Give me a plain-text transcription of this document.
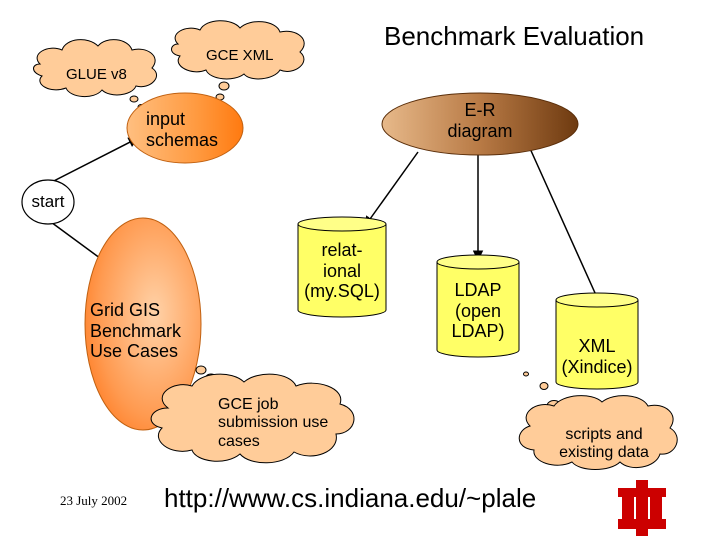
Benchmark Evaluation
GLUE v8
GCE XML
input
schemas
E-R
diagram
start
Grid GIS
Benchmark
Use Cases
relat-
ional
(my.SQL)	LDAP
(open
LDAP)
XML
(Xindice)
GCE job
submission use
cases	scripts and
existing data
23 July 2002 http://www.cs.indiana.edu/~plale
